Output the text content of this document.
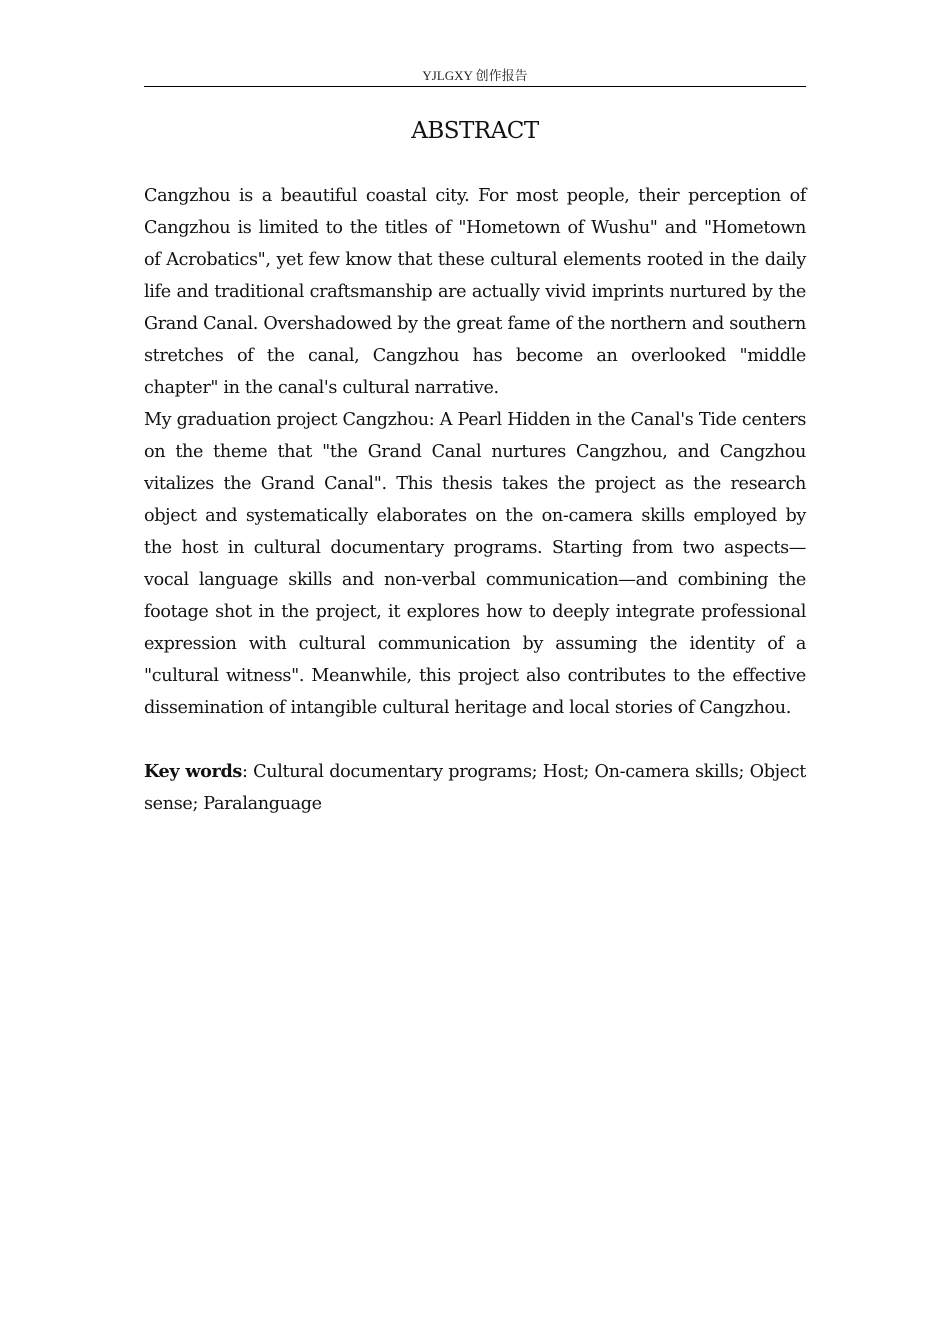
YJLGXY 创作报告
ABSTRACT

Cangzhou is a beautiful coastal city. For most people, their perception of Cangzhou is limited to the titles of "Hometown of Wushu" and "Hometown of Acrobatics", yet few know that these cultural elements rooted in the daily life and traditional craftsmanship are actually vivid imprints nurtured by the Grand Canal. Overshadowed by the great fame of the northern and southern stretches of the canal, Cangzhou has become an overlooked "middle chapter" in the canal's cultural narrative.

My graduation project Cangzhou: A Pearl Hidden in the Canal's Tide centers on the theme that "the Grand Canal nurtures Cangzhou, and Cangzhou vitalizes the Grand Canal". This thesis takes the project as the research object and systematically elaborates on the on-camera skills employed by the host in cultural documentary programs. Starting from two aspects—vocal language skills and non-verbal communication—and combining the footage shot in the project, it explores how to deeply integrate professional expression with cultural communication by assuming the identity of a "cultural witness". Meanwhile, this project also contributes to the effective dissemination of intangible cultural heritage and local stories of Cangzhou.

Key words: Cultural documentary programs; Host; On-camera skills; Object sense; Paralanguage
